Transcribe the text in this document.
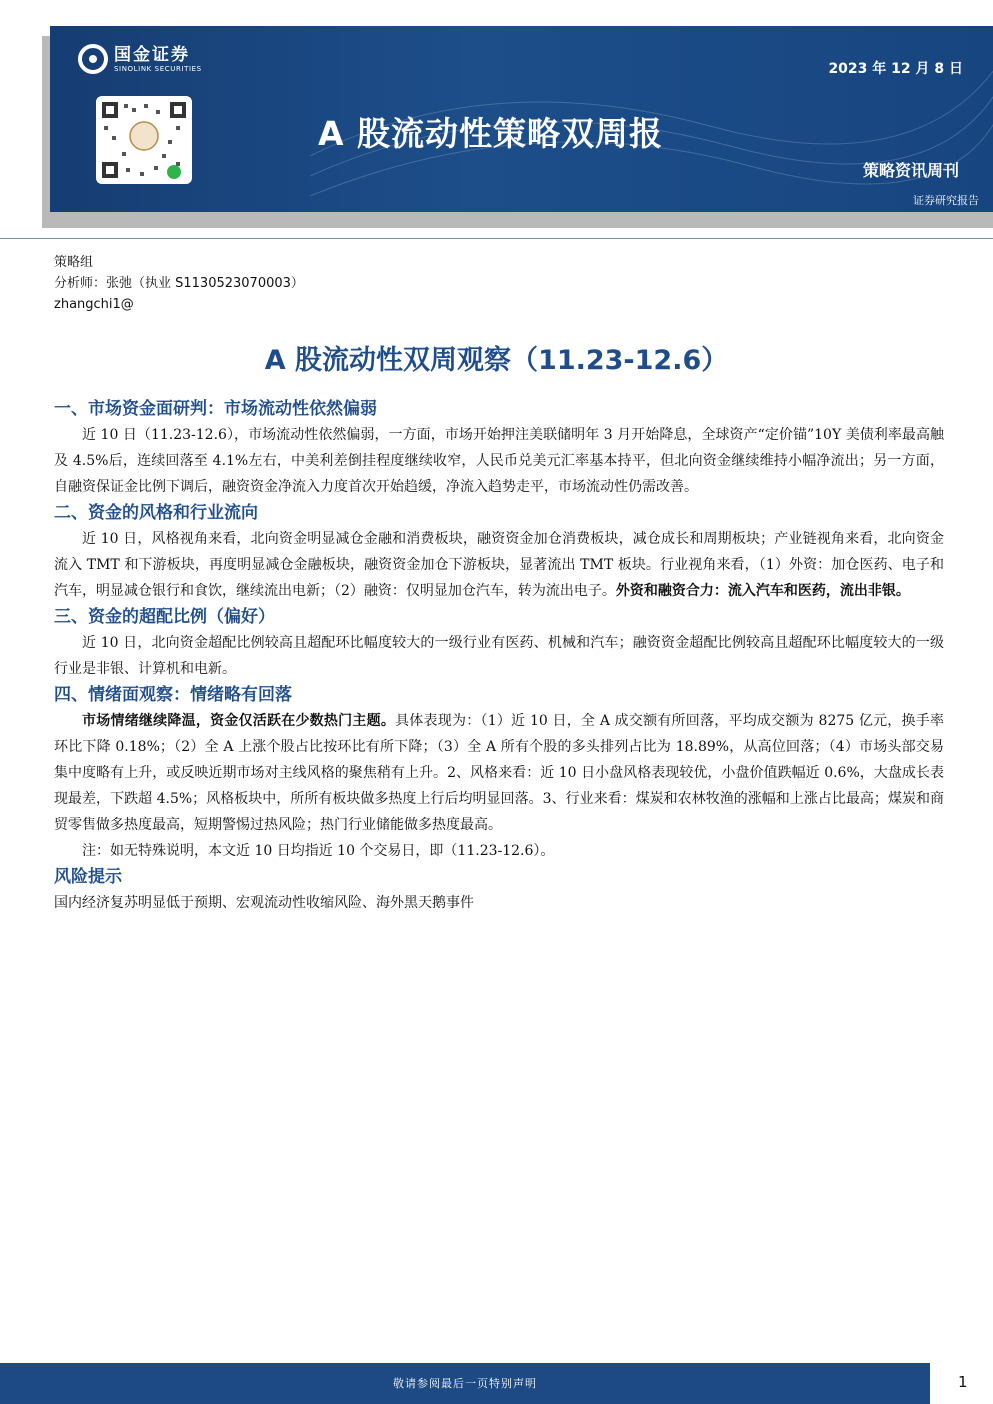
国金证券
SINOLINK SECURITIES	2023 年 12 月 8 日
A 股流动性策略双周报
策略资讯周刊
证券研究报告
策略组
分析师：张弛（执业 S1130523070003）
zhangchi1@
A 股流动性双周观察（11.23-12.6）
一、市场资金面研判：市场流动性依然偏弱

近 10 日（11.23-12.6），市场流动性依然偏弱，一方面，市场开始押注美联储明年 3 月开始降息，全球资产“定价锚”10Y 美债利率最高触及 4.5%后，连续回落至 4.1%左右，中美利差倒挂程度继续收窄，人民币兑美元汇率基本持平，但北向资金继续维持小幅净流出；另一方面，自融资保证金比例下调后，融资资金净流入力度首次开始趋缓，净流入趋势走平，市场流动性仍需改善。

二、资金的风格和行业流向

近 10 日，风格视角来看，北向资金明显减仓金融和消费板块，融资资金加仓消费板块，减仓成长和周期板块；产业链视角来看，北向资金流入 TMT 和下游板块，再度明显减仓金融板块，融资资金加仓下游板块，显著流出 TMT 板块。行业视角来看，（1）外资：加仓医药、电子和汽车，明显减仓银行和食饮，继续流出电新；（2）融资：仅明显加仓汽车，转为流出电子。外资和融资合力：流入汽车和医药，流出非银。

三、资金的超配比例（偏好）

近 10 日，北向资金超配比例较高且超配环比幅度较大的一级行业有医药、机械和汽车；融资资金超配比例较高且超配环比幅度较大的一级行业是非银、计算机和电新。

四、情绪面观察：情绪略有回落

市场情绪继续降温，资金仅活跃在少数热门主题。具体表现为：（1）近 10 日，全 A 成交额有所回落，平均成交额为 8275 亿元，换手率环比下降 0.18%；（2）全 A 上涨个股占比按环比有所下降；（3）全 A 所有个股的多头排列占比为 18.89%，从高位回落；（4）市场头部交易集中度略有上升，或反映近期市场对主线风格的聚焦稍有上升。2、风格来看：近 10 日小盘风格表现较优，小盘价值跌幅近 0.6%，大盘成长表现最差，下跌超 4.5%；风格板块中，所所有板块做多热度上行后均明显回落。3、行业来看：煤炭和农林牧渔的涨幅和上涨占比最高；煤炭和商贸零售做多热度最高，短期警惕过热风险；热门行业储能做多热度最高。

注：如无特殊说明，本文近 10 日均指近 10 个交易日，即（11.23-12.6）。

风险提示

国内经济复苏明显低于预期、宏观流动性收缩风险、海外黑天鹅事件

敬请参阅最后一页特别声明	1
